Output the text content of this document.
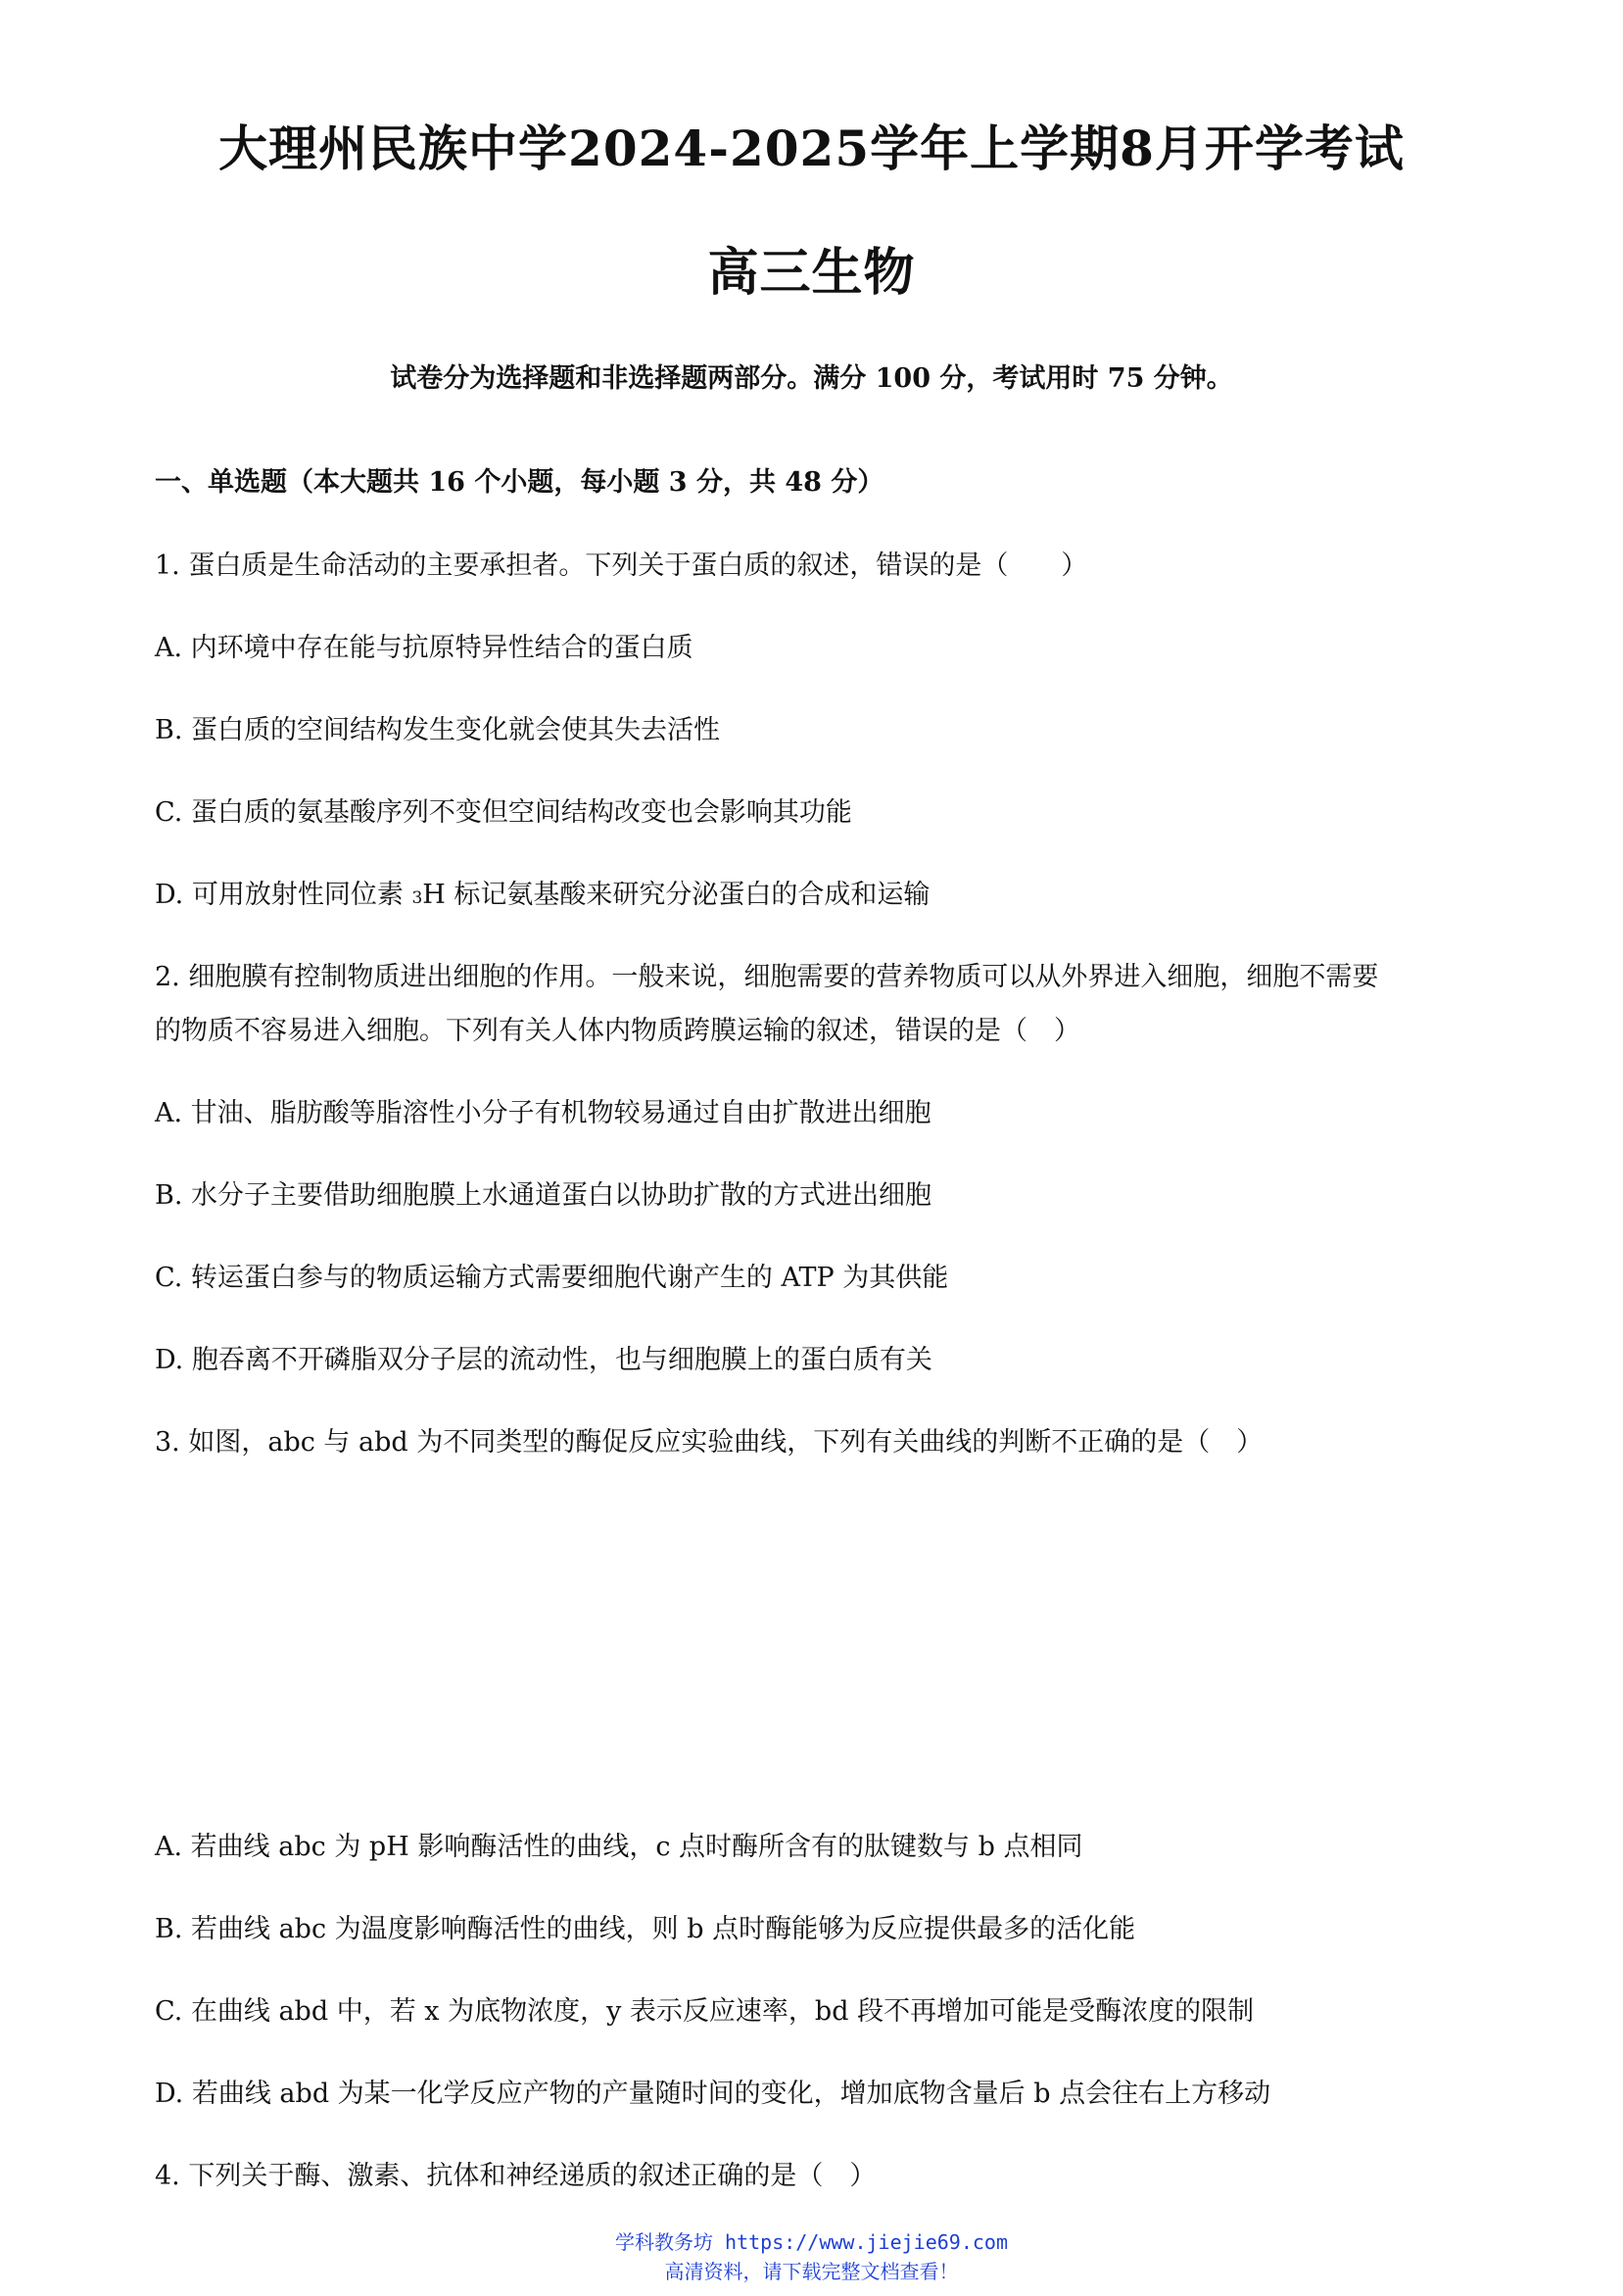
大理州民族中学2024-2025学年上学期8月开学考试
高三生物
试卷分为选择题和非选择题两部分。满分 100 分，考试用时 75 分钟。
一、单选题（本大题共 16 个小题，每小题 3 分，共 48 分）
1. 蛋白质是生命活动的主要承担者。下列关于蛋白质的叙述，错误的是（　　）
A. 内环境中存在能与抗原特异性结合的蛋白质
B. 蛋白质的空间结构发生变化就会使其失去活性
C. 蛋白质的氨基酸序列不变但空间结构改变也会影响其功能
D. 可用放射性同位素 3H 标记氨基酸来研究分泌蛋白的合成和运输
2. 细胞膜有控制物质进出细胞的作用。一般来说，细胞需要的营养物质可以从外界进入细胞，细胞不需要
的物质不容易进入细胞。下列有关人体内物质跨膜运输的叙述，错误的是（　）
A. 甘油、脂肪酸等脂溶性小分子有机物较易通过自由扩散进出细胞
B. 水分子主要借助细胞膜上水通道蛋白以协助扩散的方式进出细胞
C. 转运蛋白参与的物质运输方式需要细胞代谢产生的 ATP 为其供能
D. 胞吞离不开磷脂双分子层的流动性，也与细胞膜上的蛋白质有关
3. 如图，abc 与 abd 为不同类型的酶促反应实验曲线，下列有关曲线的判断不正确的是（　）
A. 若曲线 abc 为 pH 影响酶活性的曲线，c 点时酶所含有的肽键数与 b 点相同
B. 若曲线 abc 为温度影响酶活性的曲线，则 b 点时酶能够为反应提供最多的活化能
C. 在曲线 abd 中，若 x 为底物浓度，y 表示反应速率，bd 段不再增加可能是受酶浓度的限制
D. 若曲线 abd 为某一化学反应产物的产量随时间的变化，增加底物含量后 b 点会往右上方移动
4. 下列关于酶、激素、抗体和神经递质的叙述正确的是（　）
学科教务坊 https://www.jiejie69.com
高清资料，请下载完整文档查看！
